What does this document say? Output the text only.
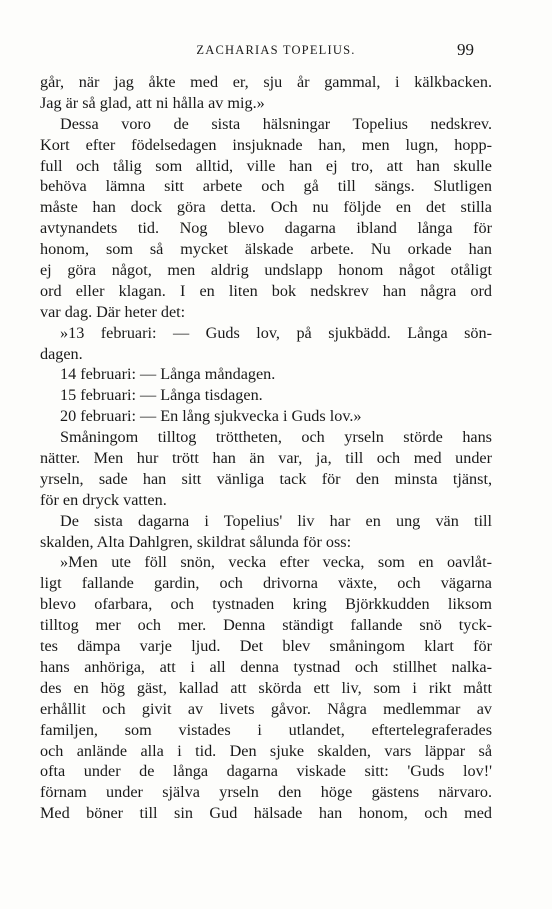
ZACHARIAS TOPELIUS.	99
går, när jag åkte med er, sju år gammal, i kälkbacken.
Jag är så glad, att ni hålla av mig.»
Dessa voro de sista hälsningar Topelius nedskrev.
Kort efter födelsedagen insjuknade han, men lugn, hopp-
full och tålig som alltid, ville han ej tro, att han skulle
behöva lämna sitt arbete och gå till sängs. Slutligen
måste han dock göra detta. Och nu följde en det stilla
avtynandets tid. Nog blevo dagarna ibland långa för
honom, som så mycket älskade arbete. Nu orkade han
ej göra något, men aldrig undslapp honom något otåligt
ord eller klagan. I en liten bok nedskrev han några ord
var dag. Där heter det:
»13 februari: — Guds lov, på sjukbädd. Långa sön-
dagen.
14 februari: — Långa måndagen.
15 februari: — Långa tisdagen.
20 februari: — En lång sjukvecka i Guds lov.»
Småningom tilltog tröttheten, och yrseln störde hans
nätter. Men hur trött han än var, ja, till och med under
yrseln, sade han sitt vänliga tack för den minsta tjänst,
för en dryck vatten.
De sista dagarna i Topelius' liv har en ung vän till
skalden, Alta Dahlgren, skildrat sålunda för oss:
»Men ute föll snön, vecka efter vecka, som en oavlåt-
ligt fallande gardin, och drivorna växte, och vägarna
blevo ofarbara, och tystnaden kring Björkkudden liksom
tilltog mer och mer. Denna ständigt fallande snö tyck-
tes dämpa varje ljud. Det blev småningom klart för
hans anhöriga, att i all denna tystnad och stillhet nalka-
des en hög gäst, kallad att skörda ett liv, som i rikt mått
erhållit och givit av livets gåvor. Några medlemmar av
familjen, som vistades i utlandet, eftertelegraferades
och anlände alla i tid. Den sjuke skalden, vars läppar så
ofta under de långa dagarna viskade sitt: 'Guds lov!'
förnam under själva yrseln den höge gästens närvaro.
Med böner till sin Gud hälsade han honom, och med
